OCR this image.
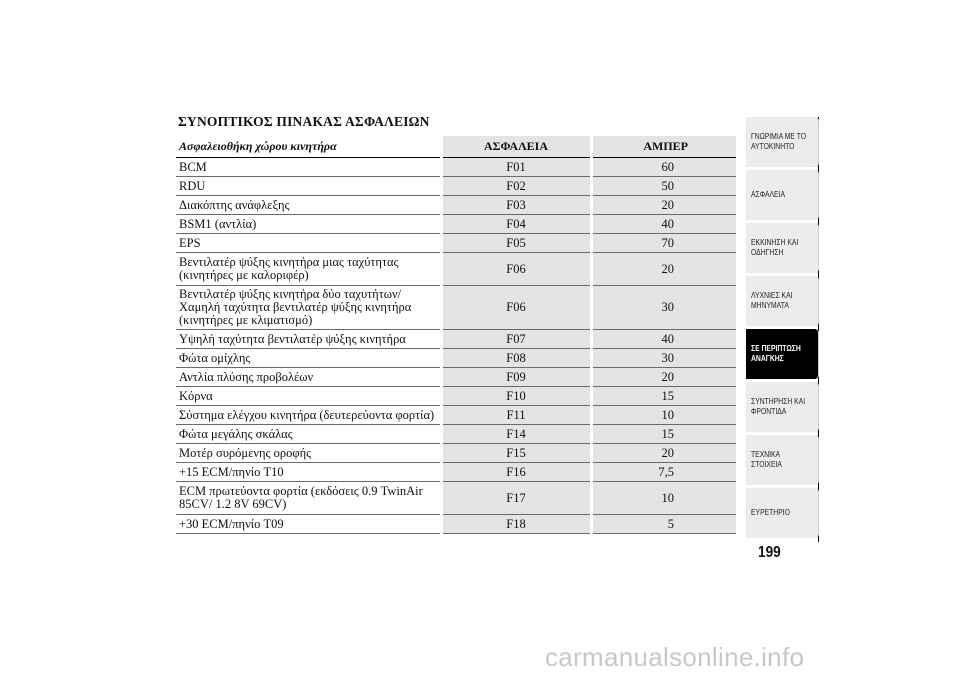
ΣΥΝΟΠΤΙΚΟΣ ΠΙΝΑΚΑΣ ΑΣΦΑΛΕΙΩΝ
Ασφαλειοθήκη χώρου κινητήρα	ΑΣΦΑΛΕΙΑ	ΑΜΠΕΡ
BCM	F01	60
RDU	F02	50
Διακόπτης ανάφλεξης	F03	20
BSM1 (αντλία)	F04	40
EPS	F05	70
Βεντιλατέρ ψύξης κινητήρα μιας ταχύτητας (κινητήρες με καλοριφέρ)	F06	20
Βεντιλατέρ ψύξης κινητήρα δύο ταχυτήτων/Χαμηλή ταχύτητα βεντιλατέρ ψύξης κινητήρα (κινητήρες με κλιματισμό)	F06	30
Υψηλή ταχύτητα βεντιλατέρ ψύξης κινητήρα	F07	40
Φώτα ομίχλης	F08	30
Αντλία πλύσης προβολέων	F09	20
Κόρνα	F10	15
Σύστημα ελέγχου κινητήρα (δευτερεύοντα φορτία)	F11	10
Φώτα μεγάλης σκάλας	F14	15
Μοτέρ συρόμενης οροφής	F15	20
+15 ECM/πηνίο T10	F16	7,5
ECM πρωτεύοντα φορτία (εκδόσεις 0.9 TwinAir 85CV/ 1.2 8V 69CV)	F17	10
+30 ECM/πηνίο T09	F18	5
ΓΝΩΡΙΜΙΑ ΜΕ ΤΟ
ΑΥΤΟΚΙΝΗΤΟ
ΑΣΦΑΛΕΙΑ
ΕΚΚΙΝΗΣΗ ΚΑΙ
ΟΔΗΓΗΣΗ
ΛΥΧΝΙΕΣ ΚΑΙ
ΜΗΝΥΜΑΤΑ
ΣΕ ΠΕΡΙΠΤΩΣΗ
ΑΝΑΓΚΗΣ
ΣΥΝΤΗΡΗΣΗ ΚΑΙ
ΦΡΟΝΤΙΔΑ
ΤΕΧΝΙΚΑ ΣΤΟΙΧΕΙΑ
ΕΥΡΕΤΗΡΙΟ
199
carmanualsonline.info
